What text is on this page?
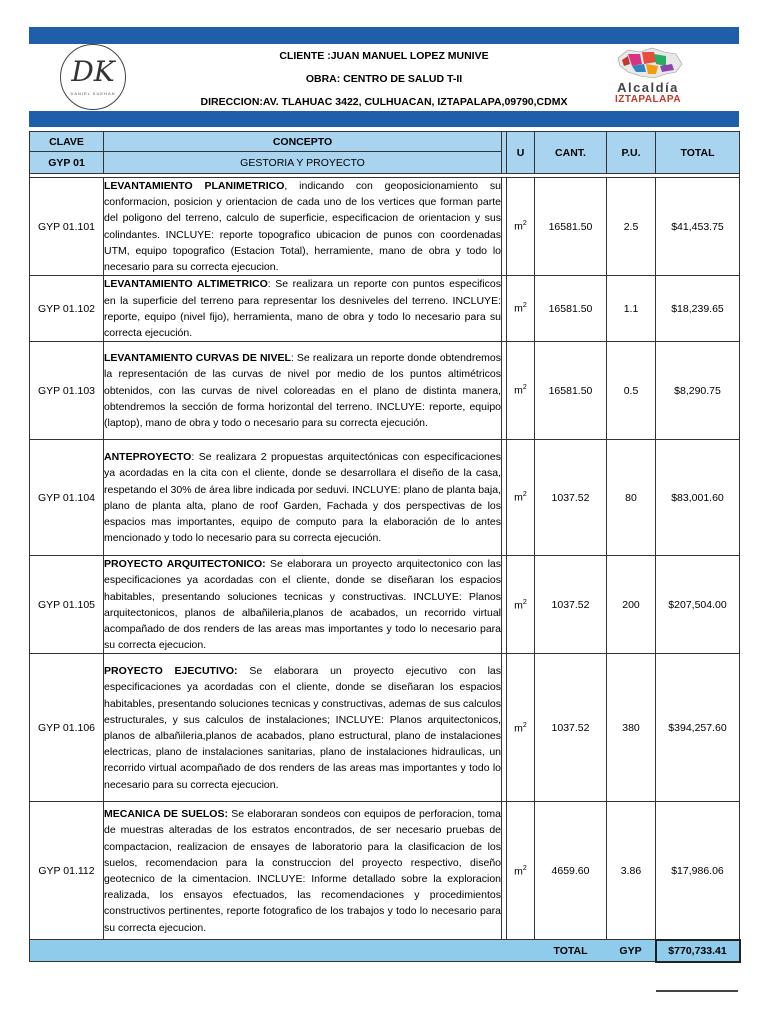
CLIENTE :JUAN MANUEL LOPEZ MUNIVE
OBRA: CENTRO DE SALUD T-II
DIRECCION:AV. TLAHUAC 3422, CULHUACAN, IZTAPALAPA,09790,CDMX
DK
DANIEL KUEHAN	Alcaldía
IZTAPALAPA
CLAVE	CONCEPTO		U	CANT.	P.U.	TOTAL
GYP 01	GESTORIA Y PROYECTO					

GYP 01.101	LEVANTAMIENTO PLANIMETRICO, indicando con geoposicionamiento su conformacion, posicion y orientacion de cada uno de los vertices que forman parte del poligono del terreno, calculo de superficie, especificacion de orientacion y sus colindantes. INCLUYE: reporte topografico ubicacion de punos con coordenadas UTM, equipo topografico (Estacion Total), herramiente, mano de obra y todo lo necesario para su correcta ejecucion.		$m^2$	16581.50	2.5	$41,453.75
GYP 01.102	LEVANTAMIENTO ALTIMETRICO: Se realizara un reporte con puntos especificos en la superficie del terreno para representar los desniveles del terreno. INCLUYE: reporte, equipo (nivel fijo), herramienta, mano de obra y todo lo necesario para su correcta ejecución.		$m^2$	16581.50	1.1	$18,239.65
GYP 01.103	LEVANTAMIENTO CURVAS DE NIVEL: Se realizara un reporte donde obtendremos la representación de las curvas de nivel por medio de los puntos altimétricos obtenidos, con las curvas de nivel coloreadas en el plano de distinta manera, obtendremos la sección de forma horizontal del terreno. INCLUYE: reporte, equipo (laptop), mano de obra y todo o necesario para su correcta ejecución.		$m^2$	16581.50	0.5	$8,290.75
GYP 01.104	ANTEPROYECTO: Se realizara 2 propuestas arquitectónicas con especificaciones ya acordadas en la cita con el cliente, donde se desarrollara el diseño de la casa, respetando el 30% de área libre indicada por seduvi. INCLUYE: plano de planta baja, plano de planta alta, plano de roof Garden, Fachada y dos perspectivas de los espacios mas importantes, equipo de computo para la elaboración de lo antes mencionado y todo lo necesario para su correcta ejecución.		$m^2$	1037.52	80	$83,001.60
GYP 01.105	PROYECTO ARQUITECTONICO: Se elaborara un proyecto arquitectonico con las especificaciones ya acordadas con el cliente, donde se diseñaran los espacios habitables, presentando soluciones tecnicas y constructivas. INCLUYE: Planos arquitectonicos, planos de albañileria,planos de acabados, un recorrido virtual acompañado de dos renders de las areas mas importantes y todo lo necesario para su correcta ejecucion.		$m^2$	1037.52	200	$207,504.00
GYP 01.106	PROYECTO EJECUTIVO: Se elaborara un proyecto ejecutivo con las especificaciones ya acordadas con el cliente, donde se diseñaran los espacios habitables, presentando soluciones tecnicas y constructivas, ademas de sus calculos estructurales, y sus calculos de instalaciones; INCLUYE: Planos arquitectonicos, planos de albañileria,planos de acabados, plano estructural, plano de instalaciones electricas, plano de instalaciones sanitarias, plano de instalaciones hidraulicas, un recorrido virtual acompañado de dos renders de las areas mas importantes y todo lo necesario para su correcta ejecucion.		$m^2$	1037.52	380	$394,257.60
GYP 01.112	MECANICA DE SUELOS: Se elaboraran sondeos con equipos de perforacion, toma de muestras alteradas de los estratos encontrados, de ser necesario pruebas de compactacion, realizacion de ensayes de laboratorio para la clasificacion de los suelos, recomendacion para la construccion del proyecto respectivo, diseño geotecnico de la cimentacion. INCLUYE: Informe detallado sobre la exploracion realizada, los ensayos efectuados, las recomendaciones y procedimientos constructivos pertinentes, reporte fotografico de los trabajos y todo lo necesario para su correcta ejecucion.		$m^2$	4659.60	3.86	$17,986.06
				TOTAL	GYP	$770,733.41
